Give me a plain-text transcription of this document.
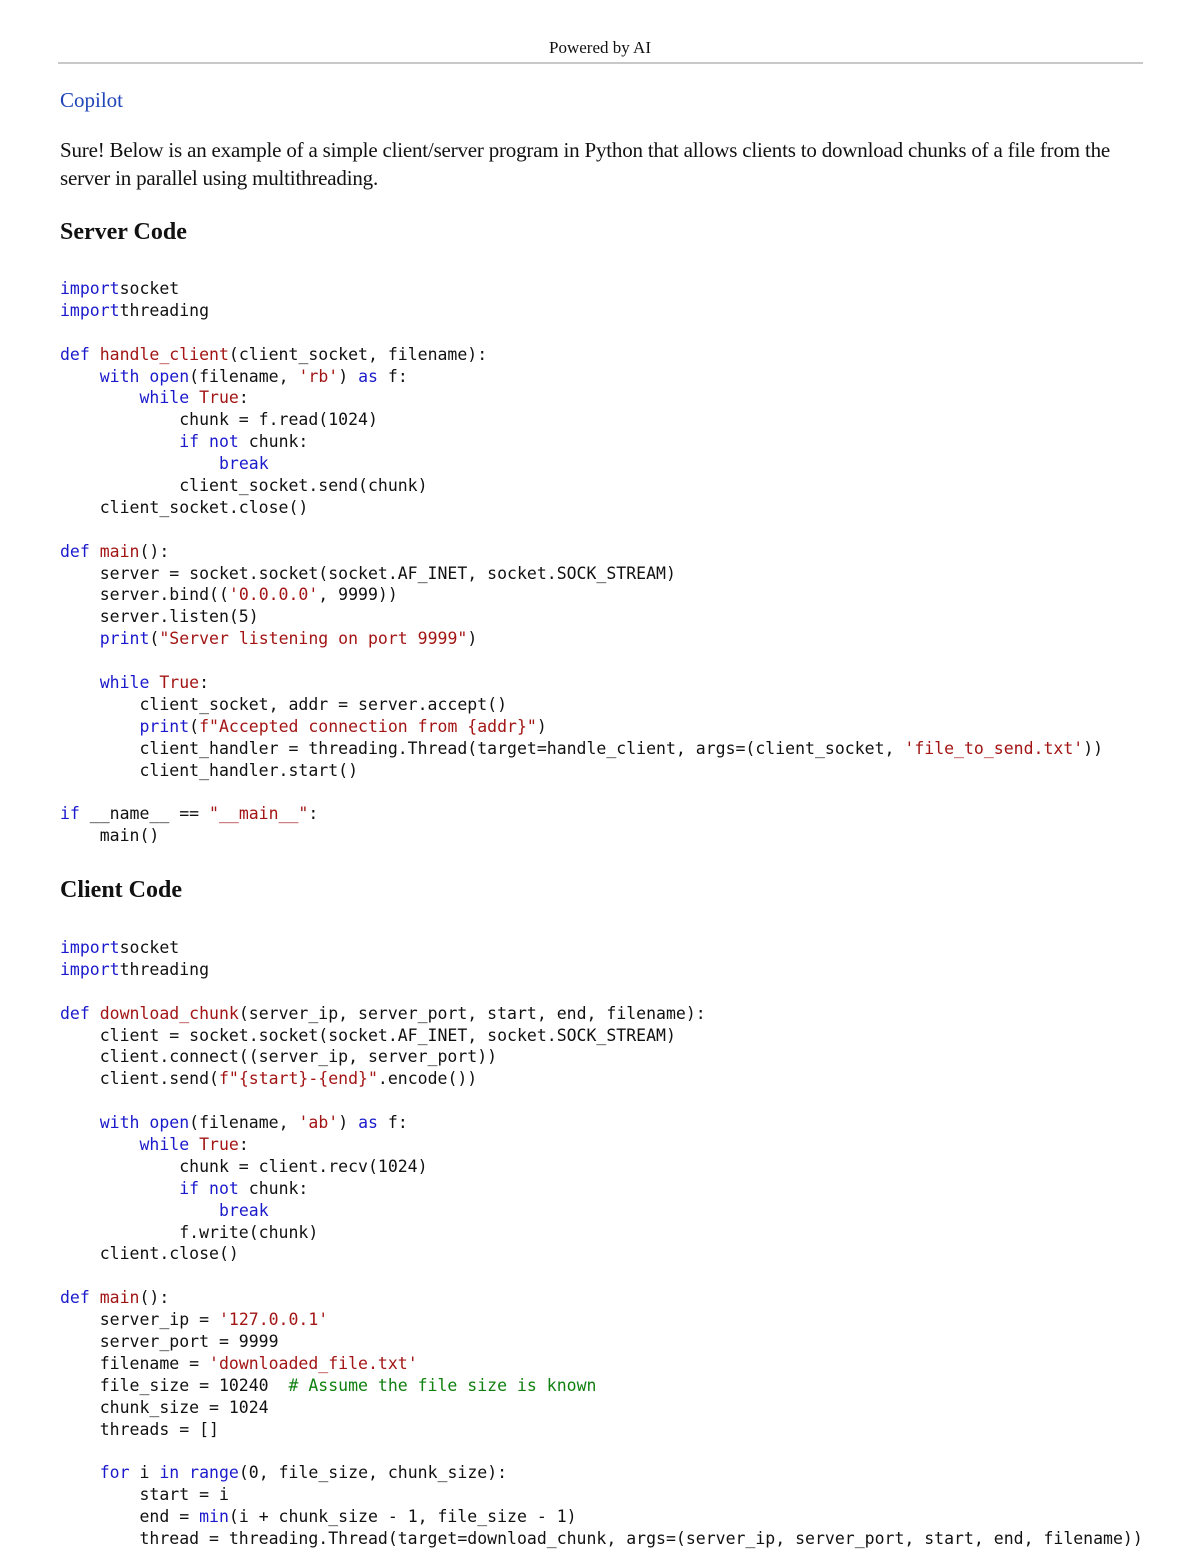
Powered by AI
Copilot
Sure! Below is an example of a simple client/server program in Python that allows clients to download chunks of a file from the server in parallel using multithreading.
Server Code
importsocket
importthreading

def handle_client(client_socket, filename):
with open(filename, 'rb') as f:
while True:
chunk = f.read(1024)
if not chunk:
break
client_socket.send(chunk)
client_socket.close()

def main():
server = socket.socket(socket.AF_INET, socket.SOCK_STREAM)
server.bind(('0.0.0.0', 9999))
server.listen(5)
print("Server listening on port 9999")

while True:
client_socket, addr = server.accept()
print(f"Accepted connection from {addr}")
client_handler = threading.Thread(target=handle_client, args=(client_socket, 'file_to_send.txt'))
client_handler.start()

if __name__ == "__main__":
main()
Client Code
importsocket
importthreading

def download_chunk(server_ip, server_port, start, end, filename):
client = socket.socket(socket.AF_INET, socket.SOCK_STREAM)
client.connect((server_ip, server_port))
client.send(f"{start}-{end}".encode())

with open(filename, 'ab') as f:
while True:
chunk = client.recv(1024)
if not chunk:
break
f.write(chunk)
client.close()

def main():
server_ip = '127.0.0.1'
server_port = 9999
filename = 'downloaded_file.txt'
file_size = 10240  # Assume the file size is known
chunk_size = 1024
threads = []

for i in range(0, file_size, chunk_size):
start = i
end = min(i + chunk_size - 1, file_size - 1)
thread = threading.Thread(target=download_chunk, args=(server_ip, server_port, start, end, filename))
